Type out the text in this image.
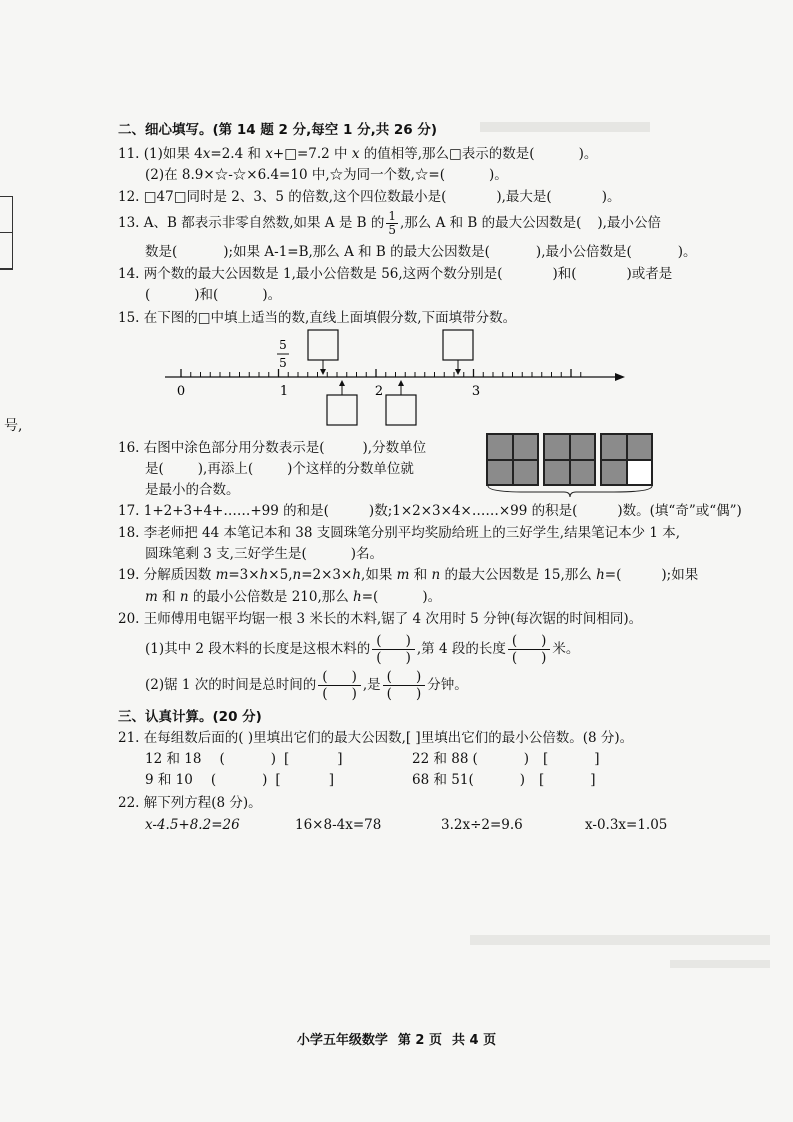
号,
二、细心填写。(第 14 题 2 分,每空 1 分,共 26 分)
11. (1)如果 4x=2.4 和 x+□=7.2 中 x 的值相等,那么□表示的数是(	)。
(2)在 8.9×☆-☆×6.4=10 中,☆为同一个数,☆=(	)。
12. □47□同时是 2、3、5 的倍数,这个四位数最小是(	),最大是(	)。
13. A、B 都表示非零自然数,如果 A 是 B 的 $\frac{1}{5}$ ,那么 A 和 B 的最大公因数是( ),最小公倍
数是(	);如果 A-1=B,那么 A 和 B 的最大公因数是(	),最小公倍数是(	)。
14. 两个数的最大公因数是 1,最小公倍数是 56,这两个数分别是(	)和(	)或者是
(	)和(	)。
15. 在下图的□中填上适当的数,直线上面填假分数,下面填带分数。
5
5
0	1	2	3
16. 右图中涂色部分用分数表示是(	),分数单位
是(	),再添上(	)个这样的分数单位就
是最小的合数。
17. 1+2+3+4+……+99 的和是(	)数;1×2×3×4×……×99 的积是(	)数。(填“奇”或“偶”)
18. 李老师把 44 本笔记本和 38 支圆珠笔分别平均奖励给班上的三好学生,结果笔记本少 1 本,
圆珠笔剩 3 支,三好学生是(	)名。
19. 分解质因数 m=3×h×5,n=2×3×h,如果 m 和 n 的最大公因数是 15,那么 h=(	);如果
m 和 n 的最小公倍数是 210,那么 h=(	)。
20. 王师傅用电锯平均锯一根 3 米长的木料,锯了 4 次用时 5 分钟(每次锯的时间相同)。
(1)其中 2 段木料的长度是这根木料的 $\frac{( )}{( )}$ ,第 4 段的长度 $\frac{( )}{( )}$ 米。
(2)锯 1 次的时间是总时间的 $\frac{( )}{( )}$ ,是 $\frac{( )}{( )}$ 分钟。
三、认真计算。(20 分)
21. 在每组数后面的( )里填出它们的最大公因数,[ ]里填出它们的最小公倍数。(8 分)。
12 和 18 (	) [	]	22 和 88 (	) [	]
9 和 10 (	) [	]	68 和 51(	) [	]
22. 解下列方程(8 分)。
x-4.5+8.2=26	16×8-4x=78	3.2x÷2=9.6	x-0.3x=1.05
小学五年级数学 第 2 页 共 4 页
